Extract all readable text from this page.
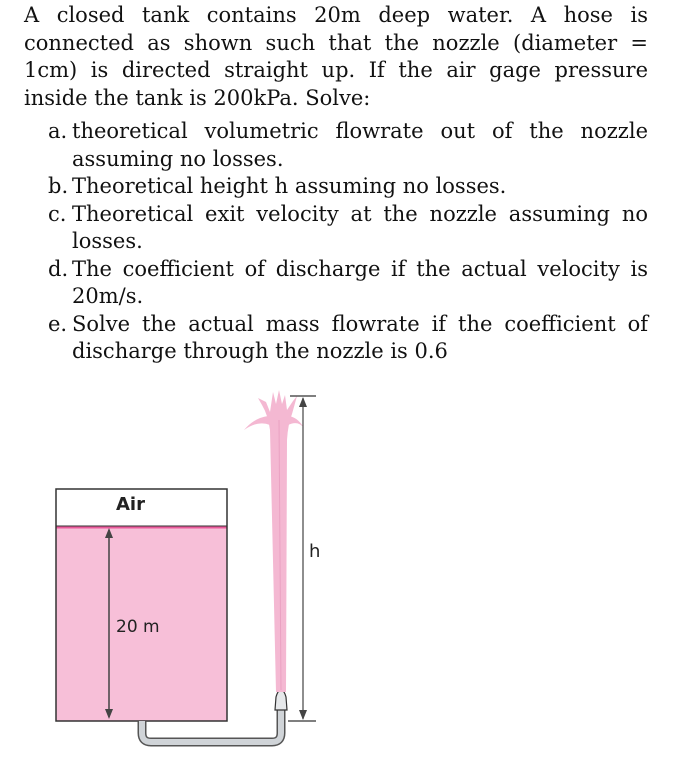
A closed tank contains 20m deep water. A hose is connected as shown such that the nozzle (diameter = 1cm) is directed straight up. If the air gage pressure inside the tank is 200kPa. Solve:

a. theoretical volumetric flowrate out of the nozzle assuming no losses.
b. Theoretical height h assuming no losses.
c. Theoretical exit velocity at the nozzle assuming no losses.
d. The coefficient of discharge if the actual velocity is 20m/s.
e. Solve the actual mass flowrate if the coefficient of discharge through the nozzle is 0.6
Air
20 m
h
